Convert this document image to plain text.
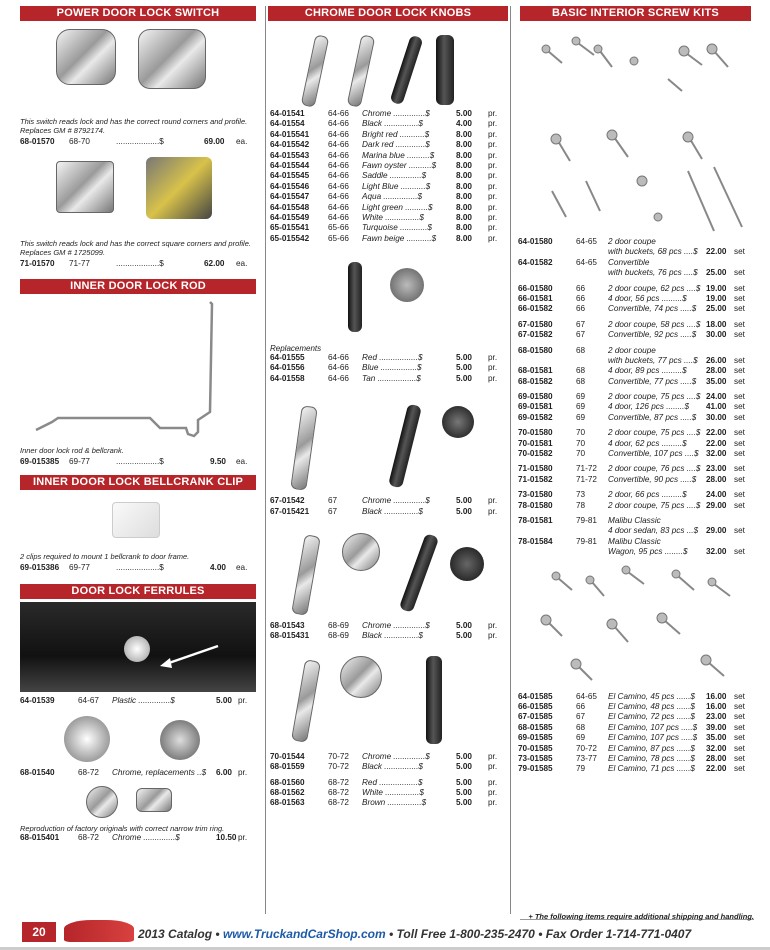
POWER DOOR LOCK SWITCH

This switch reads lock and has the correct round corners and profile. Replaces GM # 8792174.

68-01570 68-70	...................$	69.00 ea.

This switch reads lock and has the correct square corners and profile. Replaces GM # 1725099.

71-01570 71-77	...................$	62.00 ea.
INNER DOOR LOCK ROD

Inner door lock rod & bellcrank.

69-015385 69-77	...................$	9.50 ea.
INNER DOOR LOCK BELLCRANK CLIP

2 clips required to mount 1 bellcrank to door frame.

69-015386 69-77	...................$	4.00 ea.
DOOR LOCK FERRULES
64-01539	64-67 Plastic ..............$	5.00 pr.
68-01540	68-72 Chrome, replacements ..$ 6.00 pr.

Reproduction of factory originals with correct narrow trim ring.

68-015401 68-72 Chrome ..............$	10.50 pr.
CHROME DOOR LOCK KNOBS
64-01541	64-66 Chrome ..............$	5.00 pr.
64-01554	64-66 Black ...............$	4.00 pr.
64-015541 64-66 Bright red ...........$	8.00 pr.
64-015542 64-66 Dark red .............$	8.00 pr.
64-015543 64-66 Marina blue ..........$	8.00 pr.
64-015544 64-66 Fawn oyster ..........$ 8.00 pr.
64-015545 64-66 Saddle ..............$	8.00 pr.
64-015546 64-66 Light Blue ...........$	8.00 pr.
64-015547 64-66 Aqua ...............$	8.00 pr.
64-015548 64-66 Light green ..........$	8.00 pr.
64-015549 64-66 White ...............$	8.00 pr.
65-015541 65-66 Turquoise ............$	8.00 pr.
65-015542 65-66 Fawn beige ...........$ 8.00 pr.
Replacements
64-01555	64-66 Red .................$	5.00 pr.
64-01556	64-66 Blue ................$	5.00 pr.
64-01558	64-66 Tan .................$	5.00 pr.
67-01542	67	Chrome ..............$	5.00 pr.
67-015421 67	Black ...............$	5.00 pr.
68-01543	68-69 Chrome ..............$	5.00 pr.
68-015431 68-69 Black ...............$	5.00 pr.
70-01544	70-72 Chrome ..............$	5.00 pr.
68-01559	70-72 Black ...............$	5.00 pr.
68-01560	68-72 Red .................$	5.00 pr.
68-01562	68-72 White ...............$	5.00 pr.
68-01563	68-72 Brown ...............$	5.00 pr.
BASIC INTERIOR SCREW KITS
64-01580	64-65 2 door coupe
with buckets, 68 pcs ....$ 22.00 set
64-01582	64-65 Convertible
with buckets, 76 pcs ....$ 25.00 set
66-01580	66	2 door coupe, 62 pcs ....$ 19.00 set
66-01581	66	4 door, 56 pcs .........$ 19.00 set
66-01582	66	Convertible, 74 pcs .....$ 25.00 set
67-01580	67	2 door coupe, 58 pcs ....$ 18.00 set
67-01582	67	Convertible, 92 pcs .....$ 30.00 set
68-01580	68	2 door coupe
with buckets, 77 pcs ....$ 26.00 set
68-01581	68	4 door, 89 pcs .........$ 28.00 set
68-01582	68	Convertible, 77 pcs .....$ 35.00 set
69-01580	69	2 door coupe, 75 pcs ....$ 24.00 set
69-01581	69	4 door, 126 pcs ........$ 41.00 set
69-01582	69	Convertible, 87 pcs .....$ 30.00 set
70-01580	70	2 door coupe, 75 pcs ....$ 22.00 set
70-01581	70	4 door, 62 pcs .........$ 22.00 set
70-01582	70	Convertible, 107 pcs ....$ 32.00 set
71-01580	71-72 2 door coupe, 76 pcs ....$ 23.00 set
71-01582	71-72 Convertible, 90 pcs .....$ 28.00 set
73-01580	73	2 door, 66 pcs .........$ 24.00 set
78-01580	78	2 door coupe, 75 pcs ....$ 29.00 set
78-01581	79-81 Malibu Classic
4 door sedan, 83 pcs ...$ 29.00 set
78-01584	79-81 Malibu Classic
Wagon, 95 pcs ........$ 32.00 set
64-01585	64-65 El Camino, 45 pcs ......$ 16.00 set
66-01585	66	El Camino, 48 pcs ......$ 16.00 set
67-01585	67	El Camino, 72 pcs ......$ 23.00 set
68-01585	68	El Camino, 107 pcs .....$ 39.00 set
69-01585	69	El Camino, 107 pcs .....$ 35.00 set
70-01585	70-72 El Camino, 87 pcs ......$ 32.00 set
73-01585	73-77 El Camino, 78 pcs ......$ 28.00 set
79-01585	79	El Camino, 71 pcs ......$ 22.00 set
+ The following items require additional shipping and handling.
20	2013 Catalog • www.TruckandCarShop.com • Toll Free 1-800-235-2470 • Fax Order 1-714-771-0407
